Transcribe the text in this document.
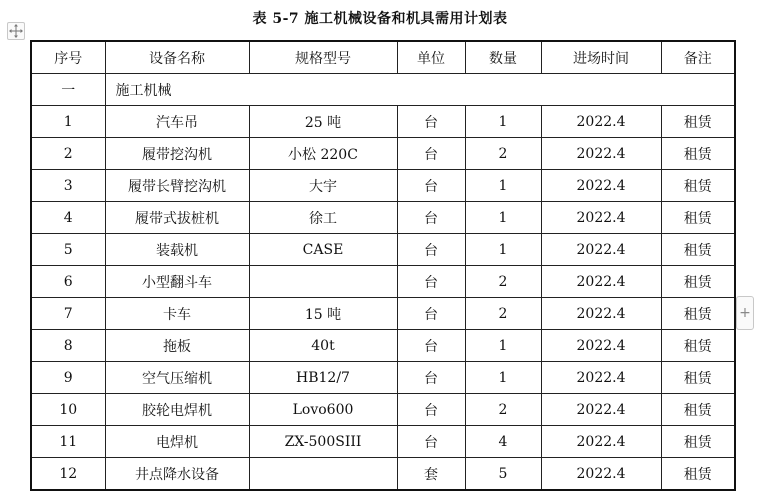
表 5-7 施工机械设备和机具需用计划表
序号	设备名称	规格型号	单位	数量	进场时间	备注
一	施工机械					
1	汽车吊	25 吨	台	1	2022.4	租赁
2	履带挖沟机	小松 220C	台	2	2022.4	租赁
3	履带长臂挖沟机	大宇	台	1	2022.4	租赁
4	履带式拔桩机	徐工	台	1	2022.4	租赁
5	装载机	CASE	台	1	2022.4	租赁
6	小型翻斗车		台	2	2022.4	租赁
7	卡车	15 吨	台	2	2022.4	租赁
8	拖板	40t	台	1	2022.4	租赁
9	空气压缩机	HB12/7	台	1	2022.4	租赁
10	胶轮电焊机	Lovo600	台	2	2022.4	租赁
11	电焊机	ZX-500SIII	台	4	2022.4	租赁
12	井点降水设备		套	5	2022.4	租赁
+
